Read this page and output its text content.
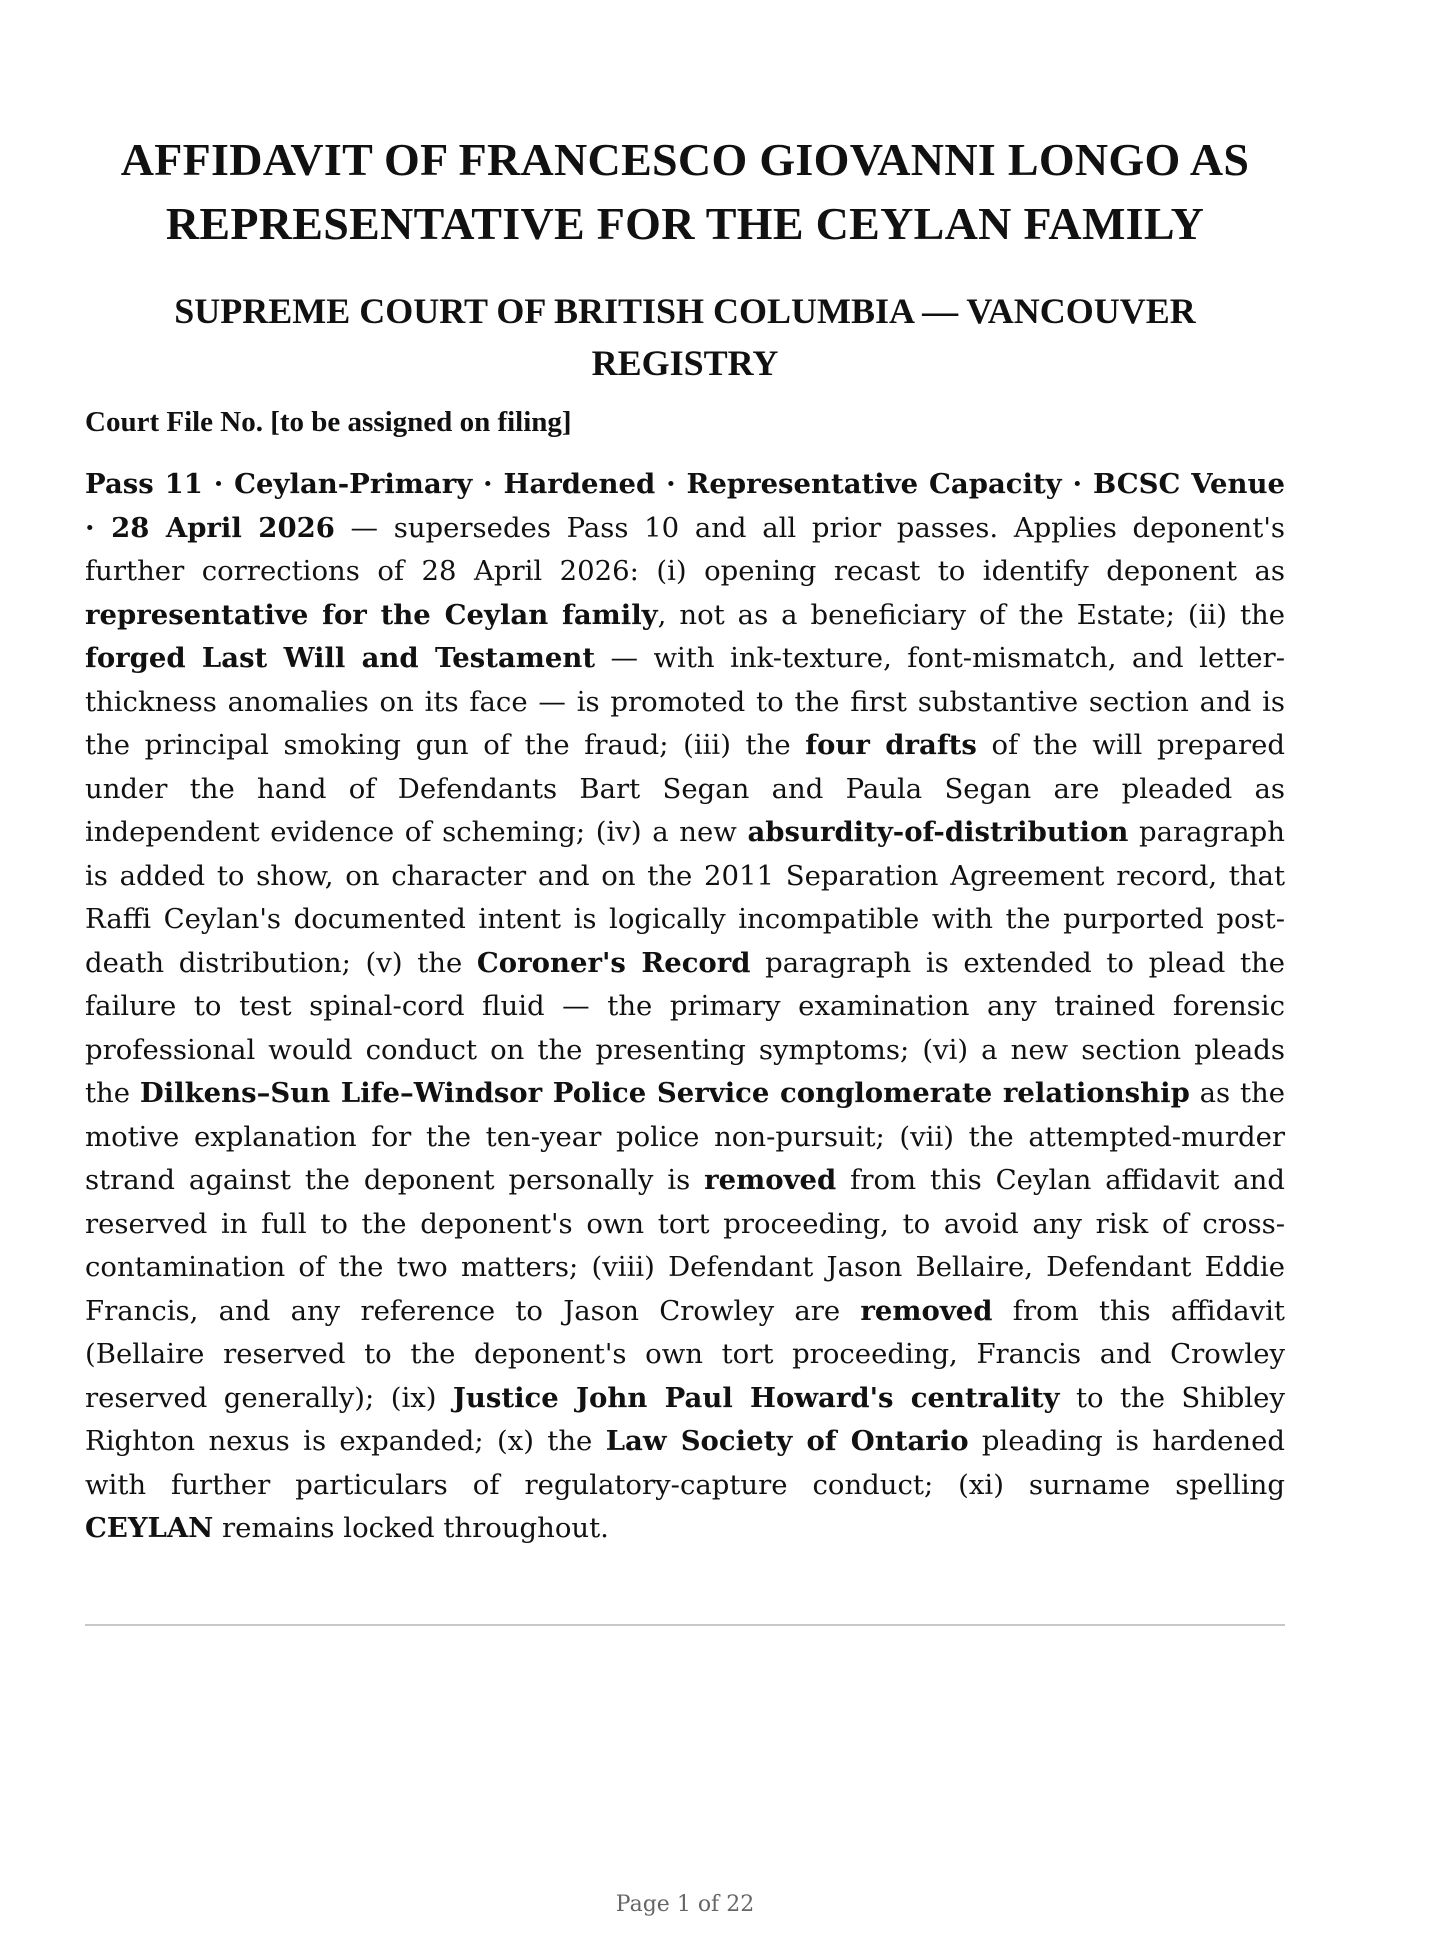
AFFIDAVIT OF FRANCESCO GIOVANNI LONGO AS
REPRESENTATIVE FOR THE CEYLAN FAMILY
SUPREME COURT OF BRITISH COLUMBIA — VANCOUVER
REGISTRY

Court File No. [to be assigned on filing]

Pass 11 · Ceylan-Primary · Hardened · Representative Capacity · BCSC Venue · 28 April 2026 — supersedes Pass 10 and all prior passes. Applies deponent's further corrections of 28 April 2026: (i) opening recast to identify deponent as representative for the Ceylan family, not as a beneficiary of the Estate; (ii) the forged Last Will and Testament — with ink-texture, font-mismatch, and letter-thickness anomalies on its face — is promoted to the first substantive section and is the principal smoking gun of the fraud; (iii) the four drafts of the will prepared under the hand of Defendants Bart Segan and Paula Segan are pleaded as independent evidence of scheming; (iv) a new absurdity-of-distribution paragraph is added to show, on character and on the 2011 Separation Agreement record, that Raffi Ceylan's documented intent is logically incompatible with the purported post-death distribution; (v) the Coroner's Record paragraph is extended to plead the failure to test spinal-cord fluid — the primary examination any trained forensic professional would conduct on the presenting symptoms; (vi) a new section pleads the Dilkens–Sun Life–Windsor Police Service conglomerate relationship as the motive explanation for the ten-year police non-pursuit; (vii) the attempted-murder strand against the deponent personally is removed from this Ceylan affidavit and reserved in full to the deponent's own tort proceeding, to avoid any risk of cross-contamination of the two matters; (viii) Defendant Jason Bellaire, Defendant Eddie Francis, and any reference to Jason Crowley are removed from this affidavit (Bellaire reserved to the deponent's own tort proceeding, Francis and Crowley reserved generally); (ix) Justice John Paul Howard's centrality to the Shibley Righton nexus is expanded; (x) the Law Society of Ontario pleading is hardened with further particulars of regulatory-capture conduct; (xi) surname spelling CEYLAN remains locked throughout.

Page 1 of 22
